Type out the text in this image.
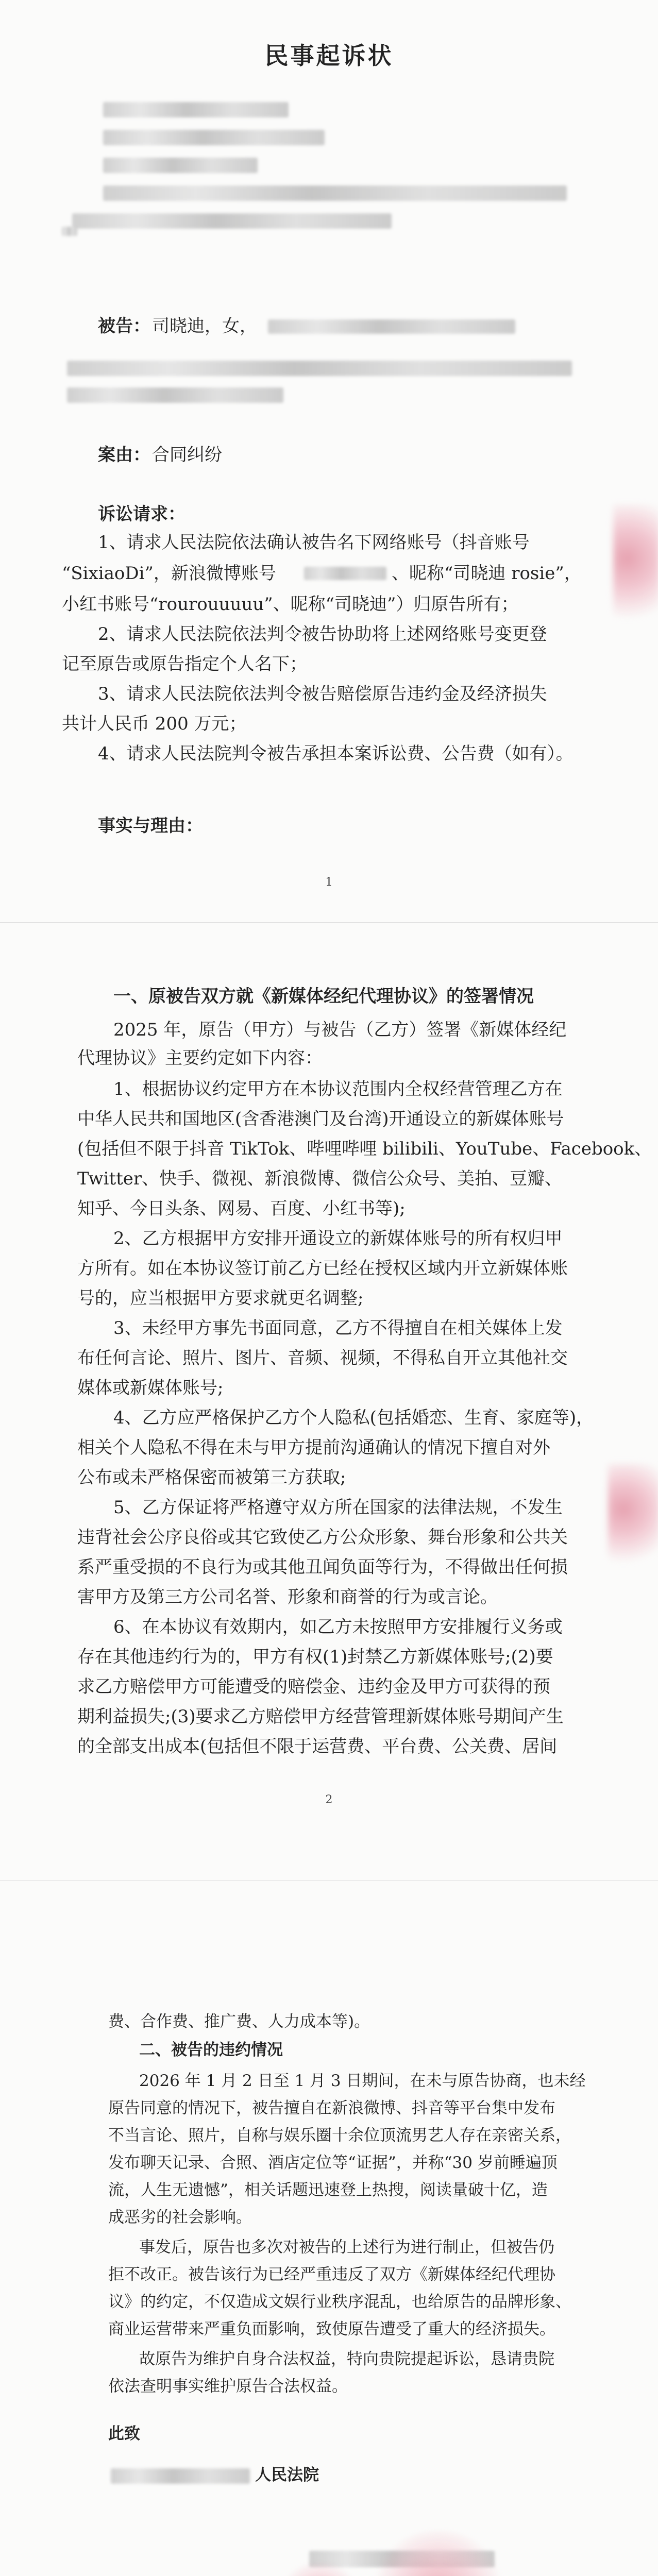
民事起诉状
被告： 司晓迪，女，
案由： 合同纠纷
诉讼请求：
1、请求人民法院依法确认被告名下网络账号（抖音账号
“SixiaoDi”，新浪微博账号	、昵称“司晓迪 rosie”，
小红书账号“rourouuuuu”、昵称“司晓迪”）归原告所有；
2、请求人民法院依法判令被告协助将上述网络账号变更登
记至原告或原告指定个人名下；
3、请求人民法院依法判令被告赔偿原告违约金及经济损失
共计人民币 200 万元；
4、请求人民法院判令被告承担本案诉讼费、公告费（如有）。
事实与理由：
1
一、原被告双方就《新媒体经纪代理协议》的签署情况
2025 年，原告（甲方）与被告（乙方）签署《新媒体经纪
代理协议》主要约定如下内容：
1、根据协议约定甲方在本协议范围内全权经营管理乙方在
中华人民共和国地区(含香港澳门及台湾)开通设立的新媒体账号
(包括但不限于抖音 TikTok、哔哩哔哩 bilibili、YouTube、Facebook、
Twitter、快手、微视、新浪微博、微信公众号、美拍、豆瓣、
知乎、今日头条、网易、百度、小红书等);
2、乙方根据甲方安排开通设立的新媒体账号的所有权归甲
方所有。如在本协议签订前乙方已经在授权区域内开立新媒体账
号的，应当根据甲方要求就更名调整;
3、未经甲方事先书面同意，乙方不得擅自在相关媒体上发
布任何言论、照片、图片、音频、视频，不得私自开立其他社交
媒体或新媒体账号;
4、乙方应严格保护乙方个人隐私(包括婚恋、生育、家庭等)，
相关个人隐私不得在未与甲方提前沟通确认的情况下擅自对外
公布或未严格保密而被第三方获取;
5、乙方保证将严格遵守双方所在国家的法律法规，不发生
违背社会公序良俗或其它致使乙方公众形象、舞台形象和公共关
系严重受损的不良行为或其他丑闻负面等行为，不得做出任何损
害甲方及第三方公司名誉、形象和商誉的行为或言论。
6、在本协议有效期内，如乙方未按照甲方安排履行义务或
存在其他违约行为的，甲方有权(1)封禁乙方新媒体账号;(2)要
求乙方赔偿甲方可能遭受的赔偿金、违约金及甲方可获得的预
期利益损失;(3)要求乙方赔偿甲方经营管理新媒体账号期间产生
的全部支出成本(包括但不限于运营费、平台费、公关费、居间
2
费、合作费、推广费、人力成本等)。
二、被告的违约情况
2026 年 1 月 2 日至 1 月 3 日期间，在未与原告协商，也未经
原告同意的情况下，被告擅自在新浪微博、抖音等平台集中发布
不当言论、照片，自称与娱乐圈十余位顶流男艺人存在亲密关系，
发布聊天记录、合照、酒店定位等“证据”，并称“30 岁前睡遍顶
流，人生无遗憾”，相关话题迅速登上热搜，阅读量破十亿，造
成恶劣的社会影响。
事发后，原告也多次对被告的上述行为进行制止，但被告仍
拒不改正。被告该行为已经严重违反了双方《新媒体经纪代理协
议》的约定，不仅造成文娱行业秩序混乱，也给原告的品牌形象、
商业运营带来严重负面影响，致使原告遭受了重大的经济损失。
故原告为维护自身合法权益，特向贵院提起诉讼，恳请贵院
依法查明事实维护原告合法权益。
此致
人民法院
